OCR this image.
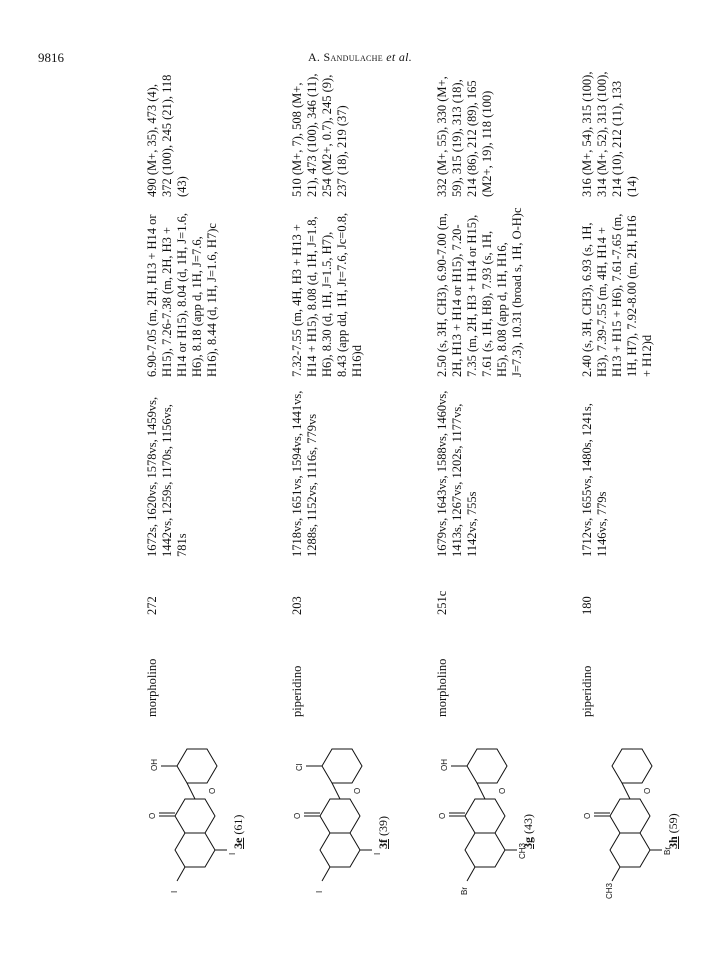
9816	A. Sandulache et al.
O
O
OH
I
I
3e (61)
morpholino
272
1672s, 1620vs, 1578vs, 1459vs, 1442vs, 1259s, 1170s, 1156vs, 781s
6.90-7.05 (m, 2H, H13 + H14 or H15), 7.26-7.38 (m, 2H, H3 + H14 or H15), 8.04 (d, 1H, J=1.6, H6), 8.18 (app d, 1H, J=7.6, H16), 8.44 (d, 1H, J=1.6, H7)c
490 (M+, 35), 473 (4), 372 (100), 245 (21), 118 (43)
O
O
Cl
I
I
3f (39)
piperidino
203
1718vs, 1651vs, 1594vs, 1441vs, 1288s, 1152vs, 1116s, 779vs
7.32-7.55 (m, 4H, H3 + H13 + H14 + H15), 8.08 (d, 1H, J=1.8, H6), 8.30 (d, 1H, J=1.5, H7), 8.43 (app dd, 1H, Jt=7.6, Jc=0.8, H16)d
510 (M+, 7), 508 (M+, 21), 473 (100), 346 (11), 254 (M2+, 0.7), 245 (9), 237 (18), 219 (37)
O
O
OH
Br
CH3
3g (43)
morpholino
251c
1679vs, 1643vs, 1588vs, 1460vs, 1413s, 1267vs, 1202s, 1177vs, 1142vs, 755s
2.50 (s, 3H, CH3), 6.90-7.00 (m, 2H, H13 + H14 or H15), 7.20-7.35 (m, 2H, H3 + H14 or H15), 7.61 (s, 1H, H8), 7.93 (s, 1H, H5), 8.08 (app d, 1H, H16, J=7.3), 10.31 (broad s, 1H, O-H)c
332 (M+, 55), 330 (M+, 59), 315 (19), 313 (18), 214 (86), 212 (89), 165 (M2+, 19), 118 (100)
O
O
CH3
Br
3h (59)
piperidino
180
1712vs, 1655vs, 1480s, 1241s, 1146vs, 779s
2.40 (s, 3H, CH3), 6.93 (s, 1H, H3), 7.39-7.55 (m, 4H, H14 + H13 + H15 + H6), 7.61-7.65 (m, 1H, H7), 7.92-8.00 (m, 2H, H16 + H12)d
316 (M+, 54), 315 (100), 314 (M+, 52), 313 (100), 214 (10), 212 (11), 133 (14)
